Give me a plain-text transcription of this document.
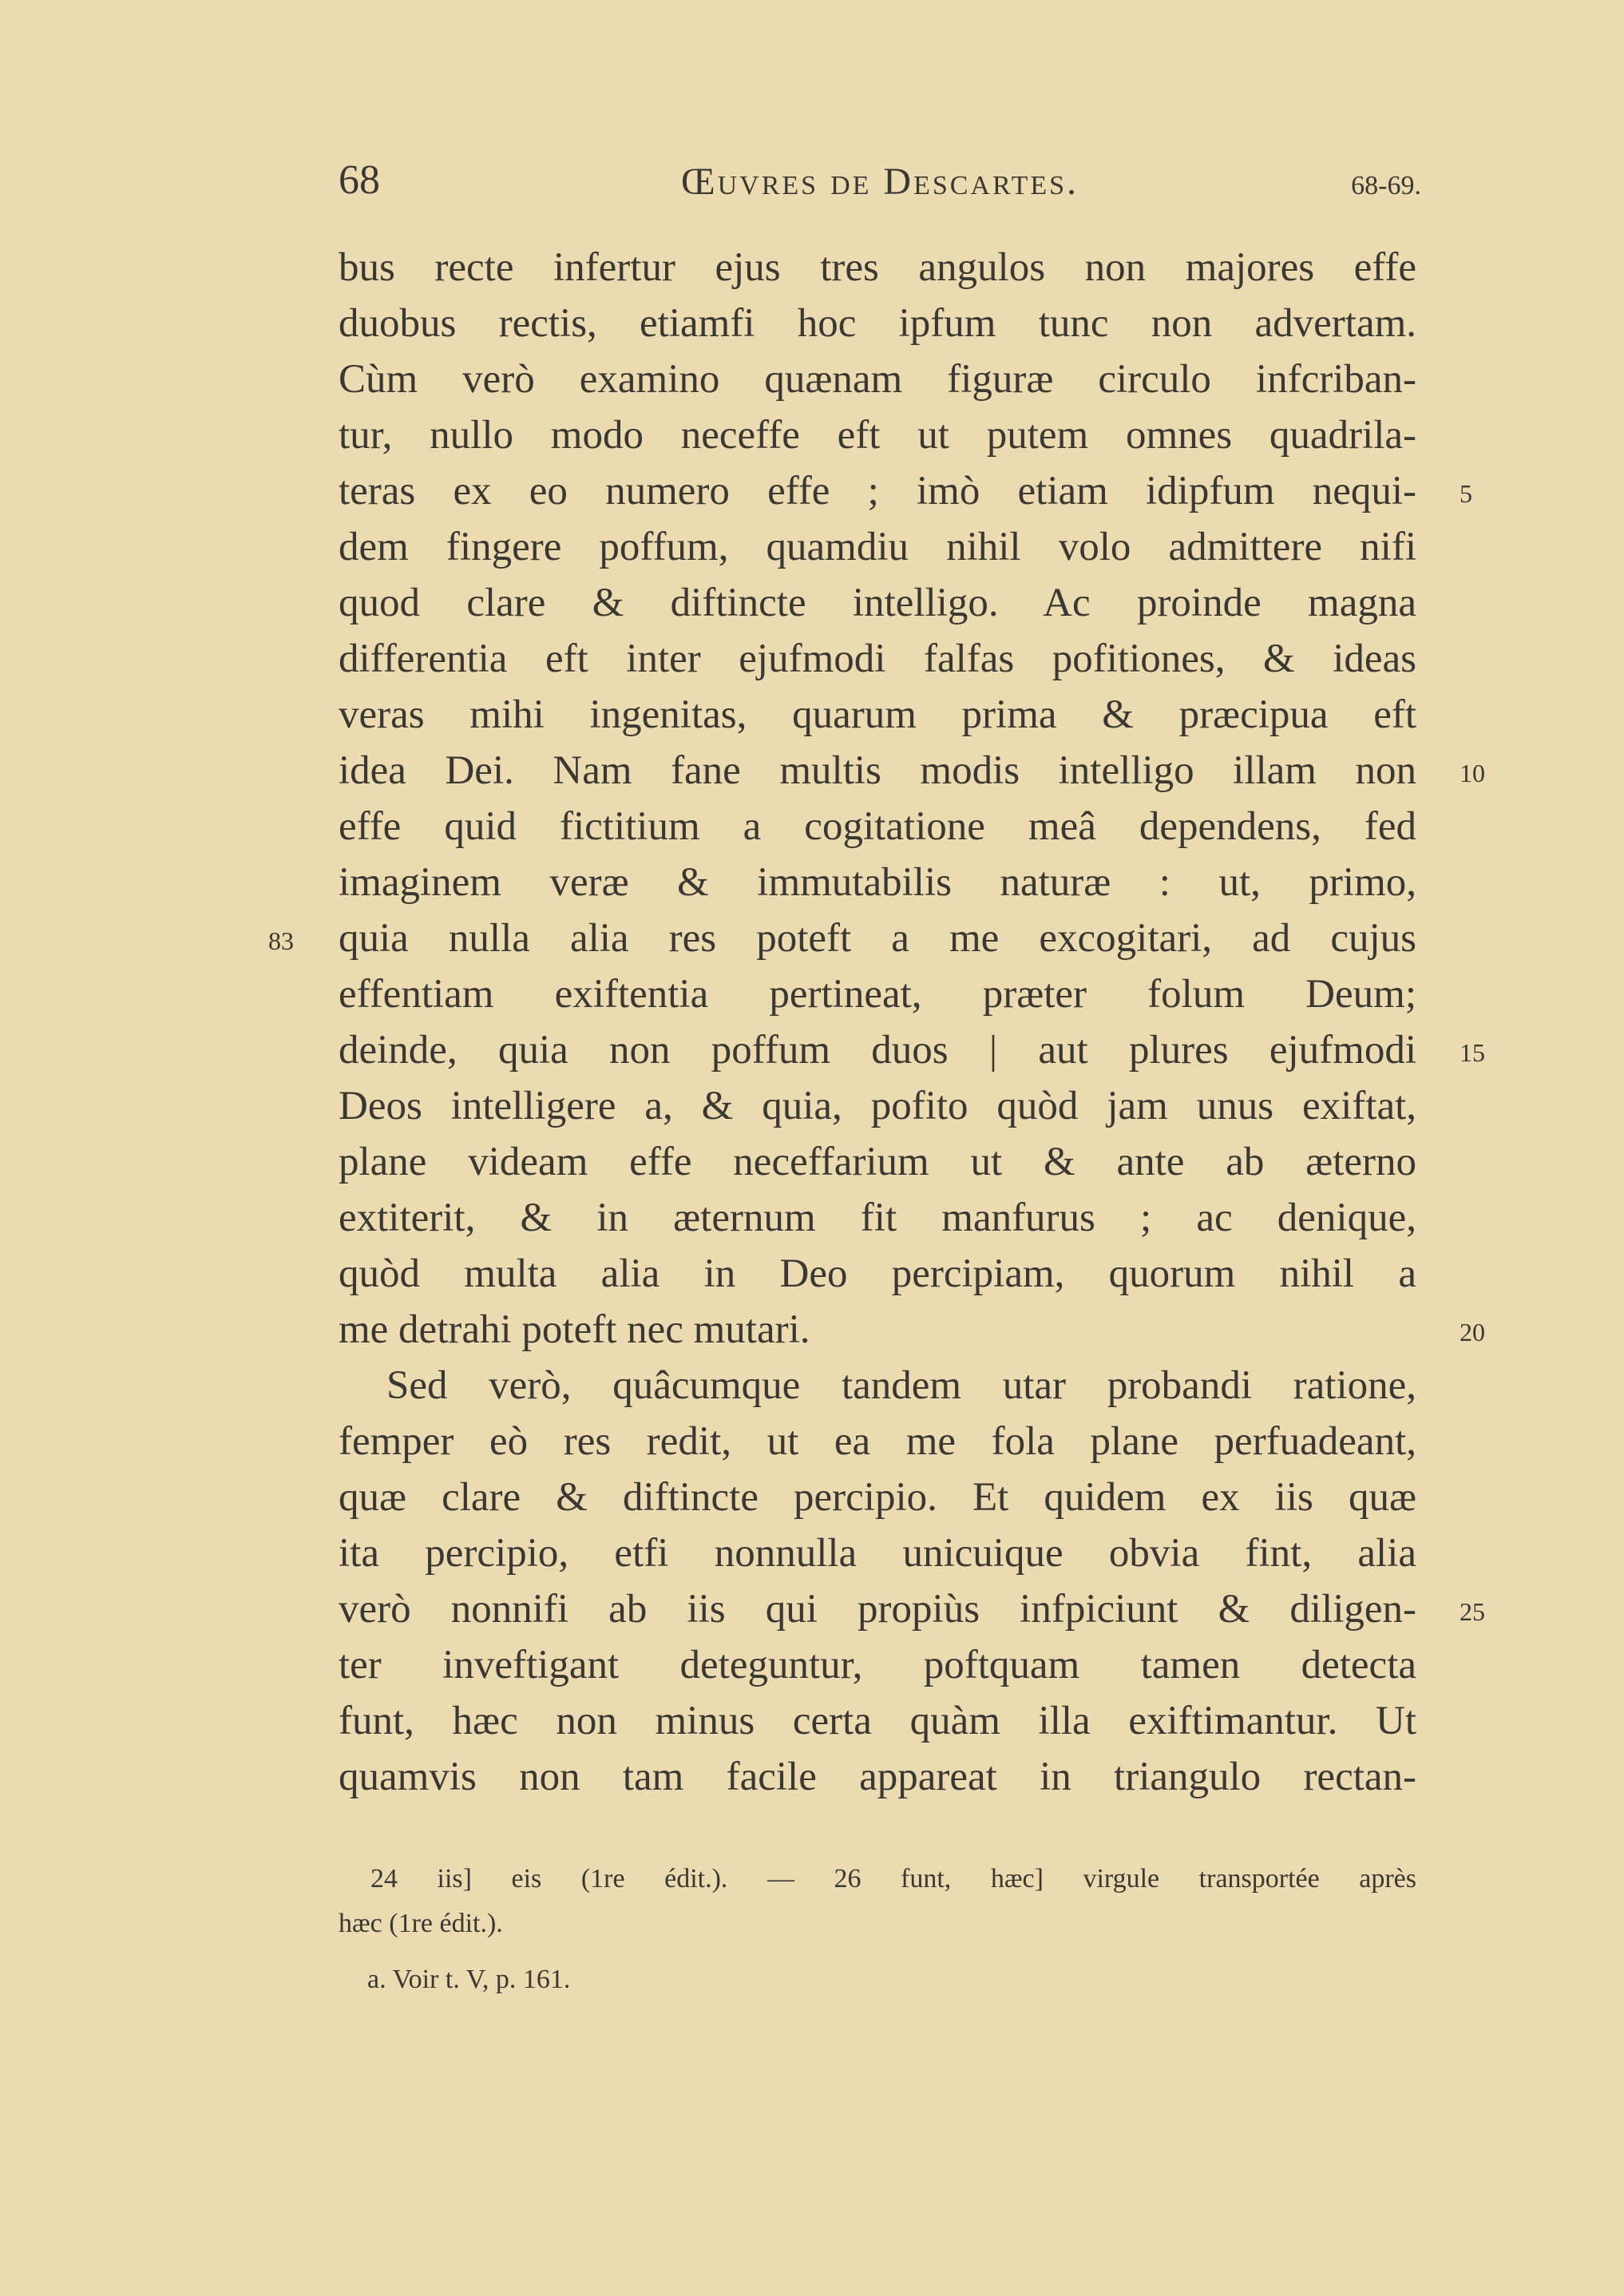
68	Œuvres de Descartes.	68-69.
bus recte infertur ejus tres angulos non majores effe
duobus rectis, etiamfi hoc ipfum tunc non advertam.
Cùm verò examino quænam figuræ circulo infcriban-
tur, nullo modo neceffe eft ut putem omnes quadrila-
teras ex eo numero effe ; imò etiam idipfum nequi-
dem fingere poffum, quamdiu nihil volo admittere nifi
quod clare & diftincte intelligo. Ac proinde magna
differentia eft inter ejufmodi falfas pofitiones, & ideas
veras mihi ingenitas, quarum prima & præcipua eft
idea Dei. Nam fane multis modis intelligo illam non
effe quid fictitium a cogitatione meâ dependens, fed
imaginem veræ & immutabilis naturæ : ut, primo,
quia nulla alia res poteft a me excogitari, ad cujus
effentiam exiftentia pertineat, præter folum Deum;
deinde, quia non poffum duos | aut plures ejufmodi
Deos intelligere a, & quia, pofito quòd jam unus exiftat,
plane videam effe neceffarium ut & ante ab æterno
extiterit, & in æternum fit manfurus ; ac denique,
quòd multa alia in Deo percipiam, quorum nihil a
me detrahi poteft nec mutari.
Sed verò, quâcumque tandem utar probandi ratione,
femper eò res redit, ut ea me fola plane perfuadeant,
quæ clare & diftincte percipio. Et quidem ex iis quæ
ita percipio, etfi nonnulla unicuique obvia fint, alia
verò nonnifi ab iis qui propiùs infpiciunt & diligen-
ter inveftigant deteguntur, poftquam tamen detecta
funt, hæc non minus certa quàm illa exiftimantur. Ut
quamvis non tam facile appareat in triangulo rectan-
5
10
83
15
20
25
24 iis] eis (1re édit.). — 26 funt, hæc] virgule transportée après
hæc (1re édit.).
a. Voir t. V, p. 161.
